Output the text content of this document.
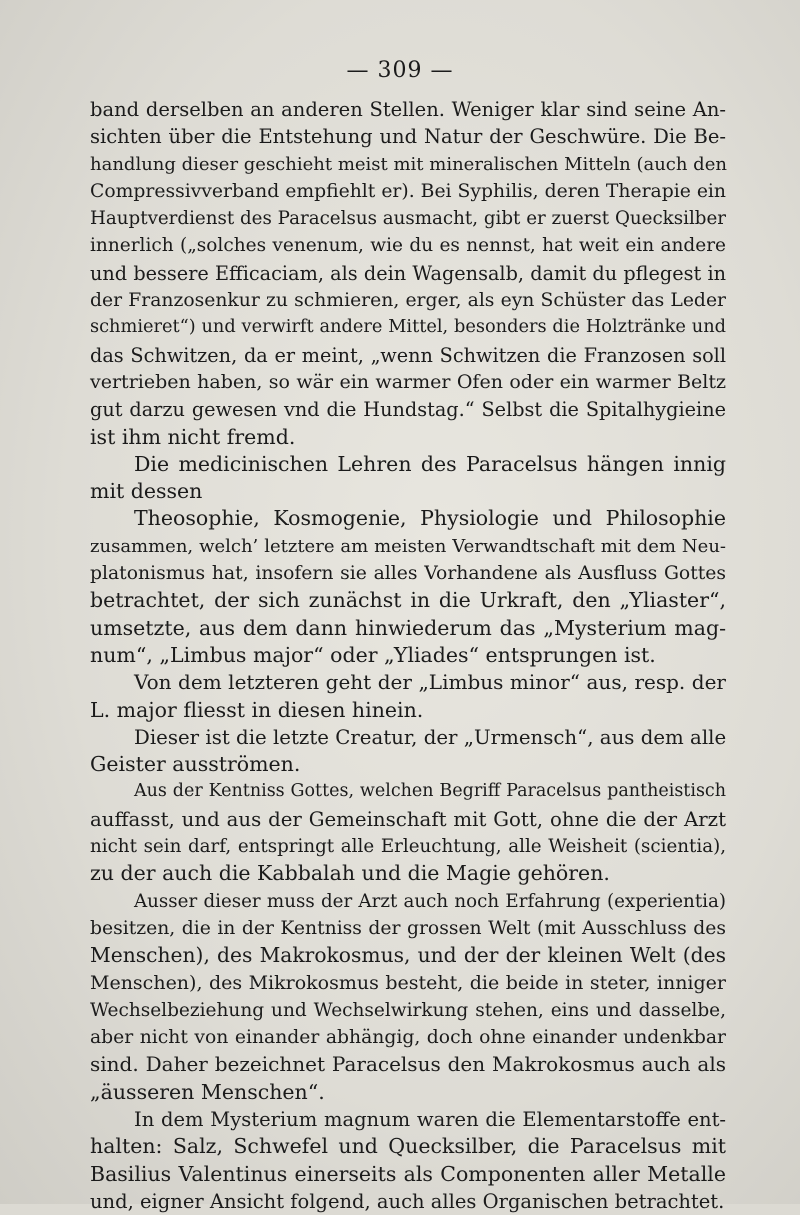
— 309 —
band derselben an anderen Stellen. Weniger klar sind seine An-
sichten über die Entstehung und Natur der Geschwüre. Die Be-
handlung dieser geschieht meist mit mineralischen Mitteln (auch den
Compressivverband empfiehlt er). Bei Syphilis, deren Therapie ein
Hauptverdienst des Paracelsus ausmacht, gibt er zuerst Quecksilber
innerlich („solches venenum, wie du es nennst, hat weit ein andere
und bessere Efficaciam, als dein Wagensalb, damit du pflegest in
der Franzosenkur zu schmieren, erger, als eyn Schüster das Leder
schmieret“) und verwirft andere Mittel, besonders die Holztränke und
das Schwitzen, da er meint, „wenn Schwitzen die Franzosen soll
vertrieben haben, so wär ein warmer Ofen oder ein warmer Beltz
gut darzu gewesen vnd die Hundstag.“ Selbst die Spitalhygieine
ist ihm nicht fremd.
Die medicinischen Lehren des Paracelsus hängen innig
mit dessen
Theosophie, Kosmogenie, Physiologie und Philosophie
zusammen, welch’ letztere am meisten Verwandtschaft mit dem Neu-
platonismus hat, insofern sie alles Vorhandene als Ausfluss Gottes
betrachtet, der sich zunächst in die Urkraft, den „Yliaster“,
umsetzte, aus dem dann hinwiederum das „Mysterium mag-
num“, „Limbus major“ oder „Yliades“ entsprungen ist.
Von dem letzteren geht der „Limbus minor“ aus, resp. der
L. major fliesst in diesen hinein.
Dieser ist die letzte Creatur, der „Urmensch“, aus dem alle
Geister ausströmen.
Aus der Kentniss Gottes, welchen Begriff Paracelsus pantheistisch
auffasst, und aus der Gemeinschaft mit Gott, ohne die der Arzt
nicht sein darf, entspringt alle Erleuchtung, alle Weisheit (scientia),
zu der auch die Kabbalah und die Magie gehören.
Ausser dieser muss der Arzt auch noch Erfahrung (experientia)
besitzen, die in der Kentniss der grossen Welt (mit Ausschluss des
Menschen), des Makrokosmus, und der der kleinen Welt (des
Menschen), des Mikrokosmus besteht, die beide in steter, inniger
Wechselbeziehung und Wechselwirkung stehen, eins und dasselbe,
aber nicht von einander abhängig, doch ohne einander undenkbar
sind. Daher bezeichnet Paracelsus den Makrokosmus auch als
„äusseren Menschen“.
In dem Mysterium magnum waren die Elementarstoffe ent-
halten: Salz, Schwefel und Quecksilber, die Paracelsus mit
Basilius Valentinus einerseits als Componenten aller Metalle
und, eigner Ansicht folgend, auch alles Organischen betrachtet.
